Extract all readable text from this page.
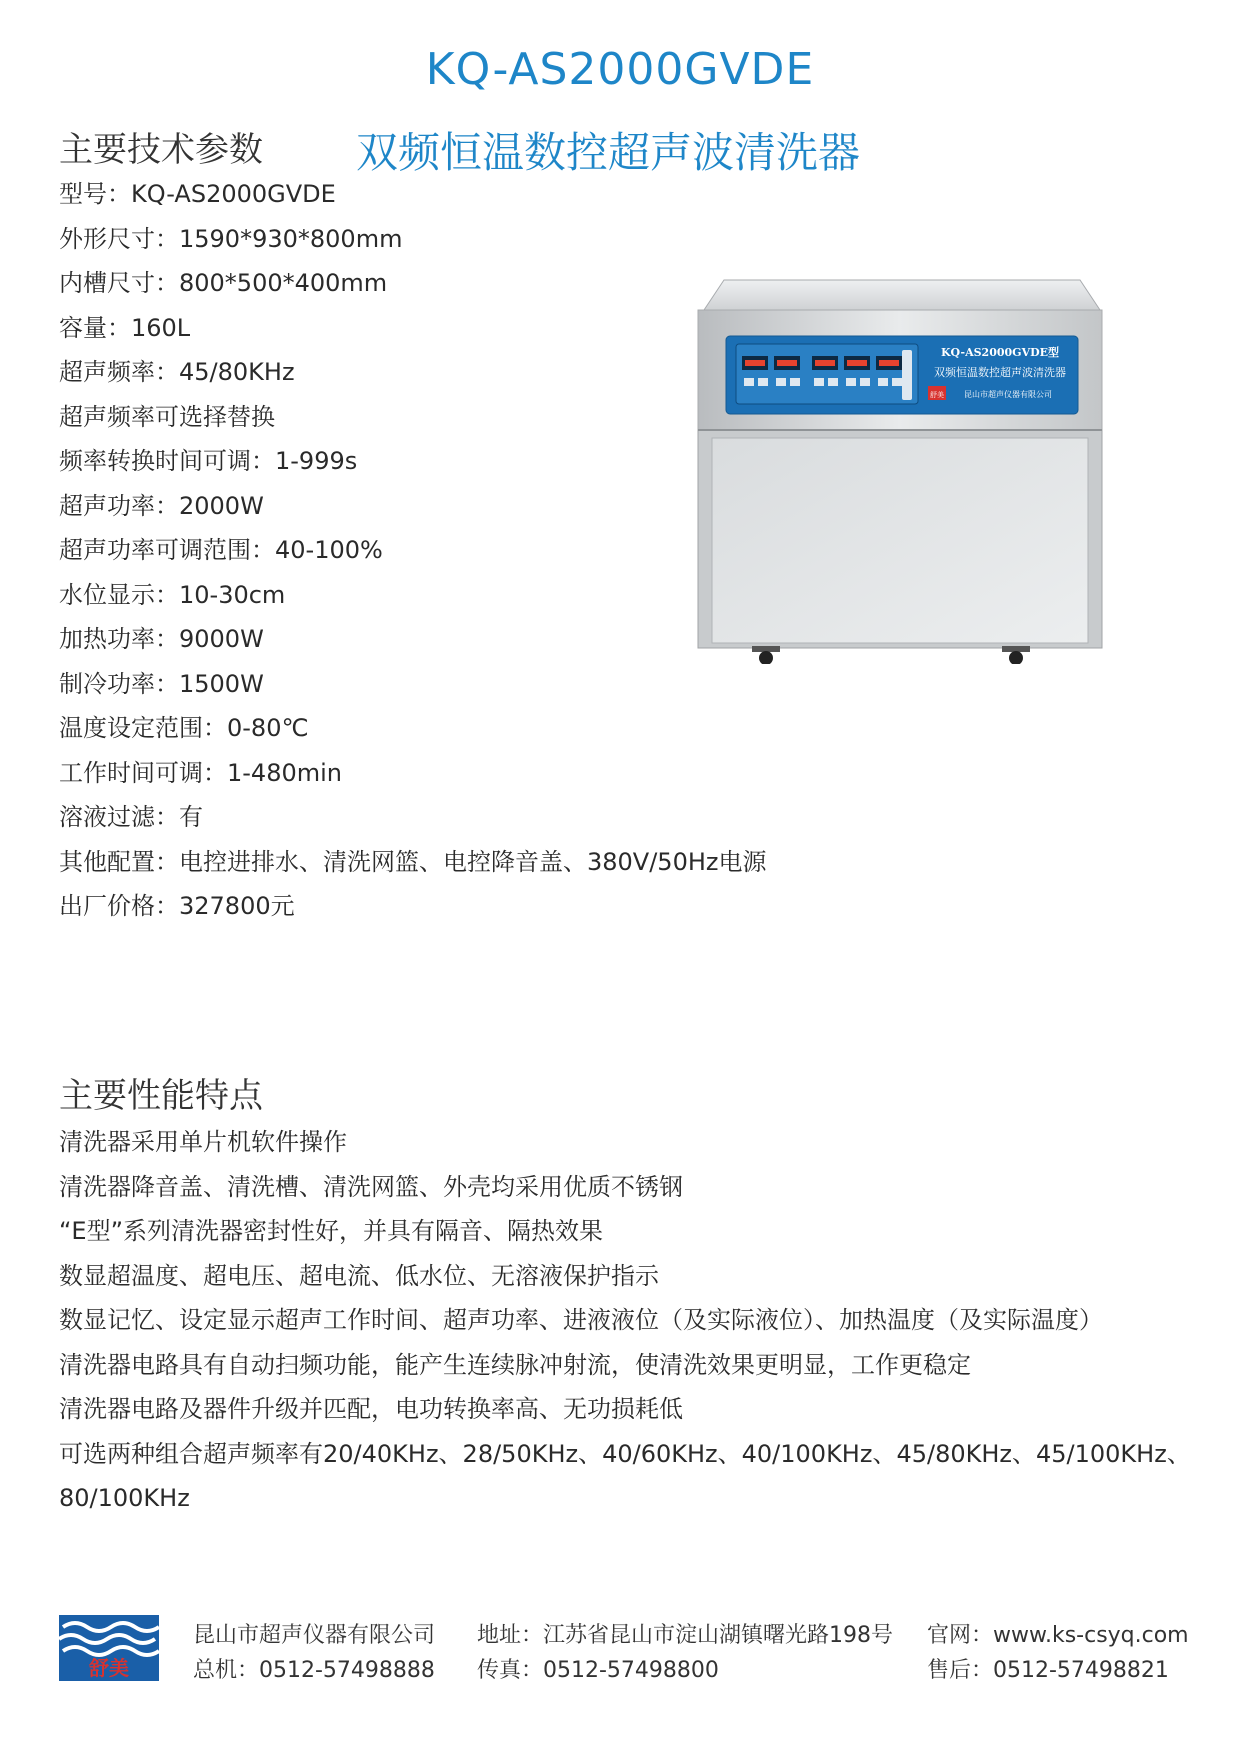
KQ-AS2000GVDE
主要技术参数 双频恒温数控超声波清洗器
型号：KQ-AS2000GVDE
外形尺寸：1590*930*800mm
内槽尺寸：800*500*400mm
容量：160L
超声频率：45/80KHz
超声频率可选择替换
频率转换时间可调：1-999s
超声功率：2000W
超声功率可调范围：40-100%
水位显示：10-30cm
加热功率：9000W
制冷功率：1500W
温度设定范围：0-80℃
工作时间可调：1-480min
溶液过滤：有
其他配置：电控进排水、清洗网篮、电控降音盖、380V/50Hz电源
出厂价格：327800元
KQ-AS2000GVDE型
双频恒温数控超声波清洗器
舒美	昆山市超声仪器有限公司
主要性能特点
清洗器采用单片机软件操作
清洗器降音盖、清洗槽、清洗网篮、外壳均采用优质不锈钢
“E型”系列清洗器密封性好，并具有隔音、隔热效果
数显超温度、超电压、超电流、低水位、无溶液保护指示
数显记忆、设定显示超声工作时间、超声功率、进液液位（及实际液位）、加热温度（及实际温度）
清洗器电路具有自动扫频功能，能产生连续脉冲射流，使清洗效果更明显，工作更稳定
清洗器电路及器件升级并匹配，电功转换率高、无功损耗低
可选两种组合超声频率有20/40KHz、28/50KHz、40/60KHz、40/100KHz、45/80KHz、45/100KHz、80/100KHz
舒美
昆山市超声仪器有限公司
总机：0512-57498888
地址：江苏省昆山市淀山湖镇曙光路198号
传真：0512-57498800
官网：www.ks-csyq.com
售后：0512-57498821
